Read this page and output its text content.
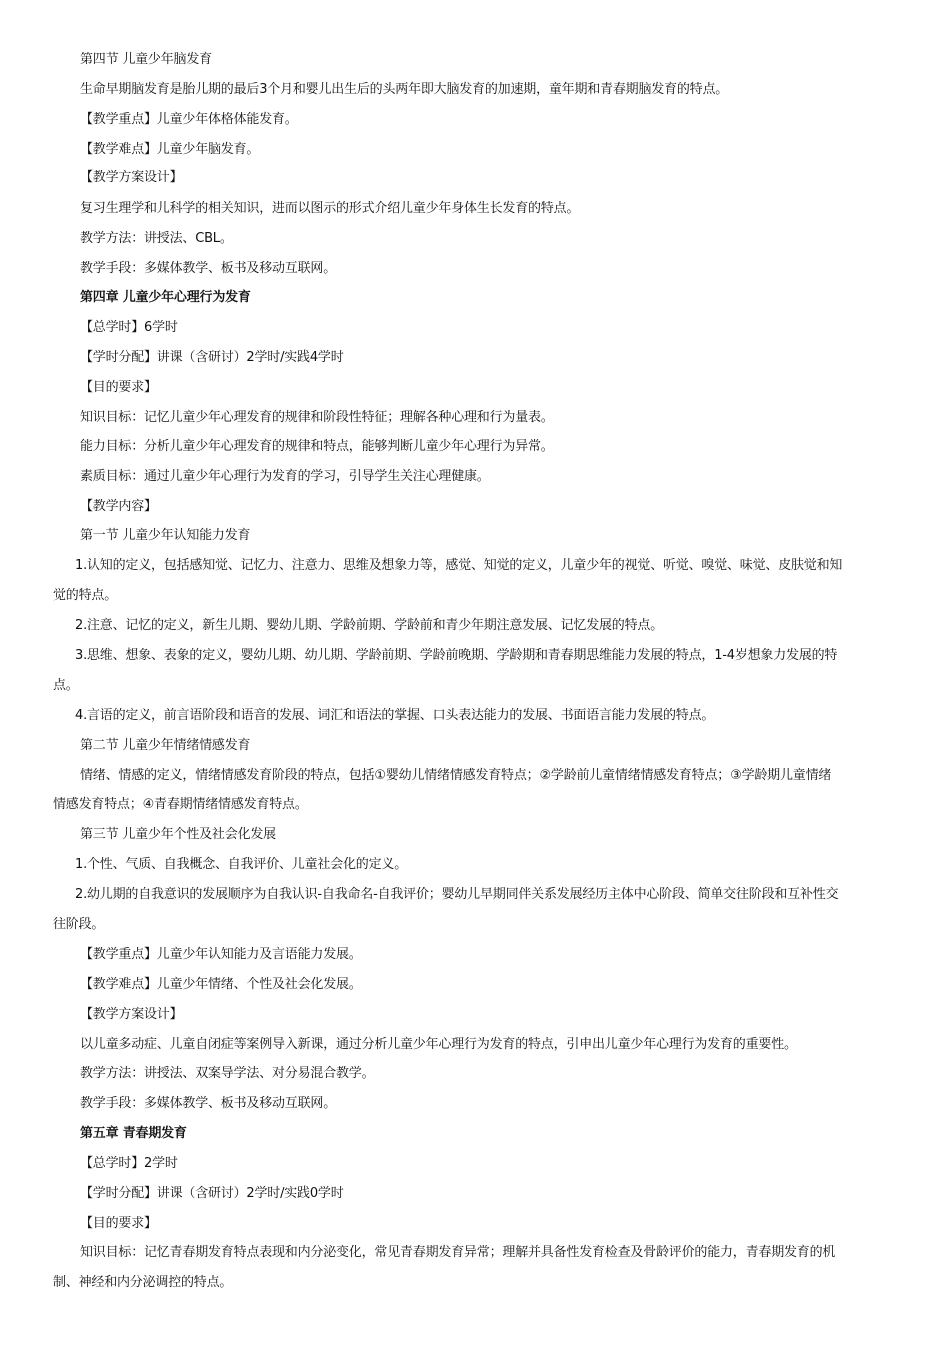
第四节 儿童少年脑发育
生命早期脑发育是胎儿期的最后3个月和婴儿出生后的头两年即大脑发育的加速期，童年期和青春期脑发育的特点。
【教学重点】儿童少年体格体能发育。
【教学难点】儿童少年脑发育。
【教学方案设计】
复习生理学和儿科学的相关知识，进而以图示的形式介绍儿童少年身体生长发育的特点。
教学方法：讲授法、CBL。
教学手段：多媒体教学、板书及移动互联网。
第四章 儿童少年心理行为发育
【总学时】6学时
【学时分配】讲课（含研讨）2学时/实践4学时
【目的要求】
知识目标：记忆儿童少年心理发育的规律和阶段性特征；理解各种心理和行为量表。
能力目标：分析儿童少年心理发育的规律和特点，能够判断儿童少年心理行为异常。
素质目标：通过儿童少年心理行为发育的学习，引导学生关注心理健康。
【教学内容】
第一节 儿童少年认知能力发育
1.认知的定义，包括感知觉、记忆力、注意力、思维及想象力等，感觉、知觉的定义，儿童少年的视觉、听觉、嗅觉、味觉、皮肤觉和知
觉的特点。
2.注意、记忆的定义，新生儿期、婴幼儿期、学龄前期、学龄前和青少年期注意发展、记忆发展的特点。
3.思维、想象、表象的定义，婴幼儿期、幼儿期、学龄前期、学龄前晚期、学龄期和青春期思维能力发展的特点，1-4岁想象力发展的特
点。
4.言语的定义，前言语阶段和语音的发展、词汇和语法的掌握、口头表达能力的发展、书面语言能力发展的特点。
第二节 儿童少年情绪情感发育
情绪、情感的定义，情绪情感发育阶段的特点，包括①婴幼儿情绪情感发育特点；②学龄前儿童情绪情感发育特点；③学龄期儿童情绪
情感发育特点；④青春期情绪情感发育特点。
第三节 儿童少年个性及社会化发展
1.个性、气质、自我概念、自我评价、儿童社会化的定义。
2.幼儿期的自我意识的发展顺序为自我认识-自我命名-自我评价；婴幼儿早期同伴关系发展经历主体中心阶段、简单交往阶段和互补性交
往阶段。
【教学重点】儿童少年认知能力及言语能力发展。
【教学难点】儿童少年情绪、个性及社会化发展。
【教学方案设计】
以儿童多动症、儿童自闭症等案例导入新课，通过分析儿童少年心理行为发育的特点，引申出儿童少年心理行为发育的重要性。
教学方法：讲授法、双案导学法、对分易混合教学。
教学手段：多媒体教学、板书及移动互联网。
第五章 青春期发育
【总学时】2学时
【学时分配】讲课（含研讨）2学时/实践0学时
【目的要求】
知识目标：记忆青春期发育特点表现和内分泌变化，常见青春期发育异常；理解并具备性发育检查及骨龄评价的能力，青春期发育的机
制、神经和内分泌调控的特点。
